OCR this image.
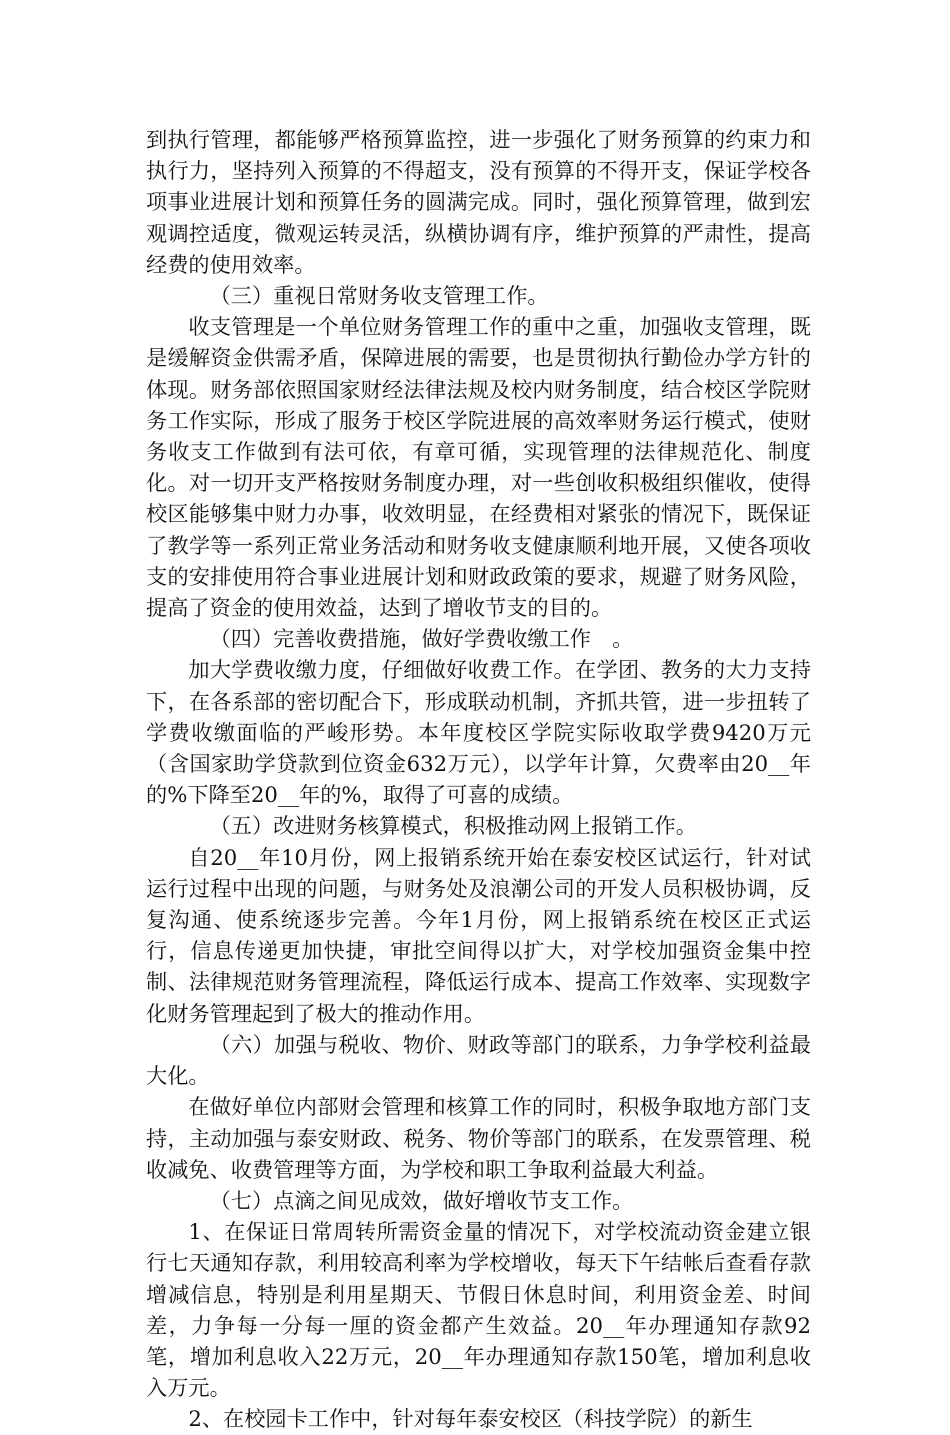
到执行管理，都能够严格预算监控，进一步强化了财务预算的约束力和执行力，坚持列入预算的不得超支，没有预算的不得开支，保证学校各项事业进展计划和预算任务的圆满完成。同时，强化预算管理，做到宏观调控适度，微观运转灵活，纵横协调有序，维护预算的严肃性，提高经费的使用效率。

（三）重视日常财务收支管理工作。

收支管理是一个单位财务管理工作的重中之重，加强收支管理，既是缓解资金供需矛盾，保障进展的需要，也是贯彻执行勤俭办学方针的体现。财务部依照国家财经法律法规及校内财务制度，结合校区学院财务工作实际，形成了服务于校区学院进展的高效率财务运行模式，使财务收支工作做到有法可依，有章可循，实现管理的法律规范化、制度化。对一切开支严格按财务制度办理，对一些创收积极组织催收，使得校区能够集中财力办事，收效明显，在经费相对紧张的情况下，既保证了教学等一系列正常业务活动和财务收支健康顺利地开展，又使各项收支的安排使用符合事业进展计划和财政政策的要求，规避了财务风险，提高了资金的使用效益，达到了增收节支的目的。

（四）完善收费措施，做好学费收缴工作　。

加大学费收缴力度，仔细做好收费工作。在学团、教务的大力支持下，在各系部的密切配合下，形成联动机制，齐抓共管，进一步扭转了学费收缴面临的严峻形势。本年度校区学院实际收取学费9420万元（含国家助学贷款到位资金632万元），以学年计算，欠费率由20__年的%下降至20__年的%，取得了可喜的成绩。

（五）改进财务核算模式，积极推动网上报销工作。

自20__年10月份，网上报销系统开始在泰安校区试运行，针对试运行过程中出现的问题，与财务处及浪潮公司的开发人员积极协调，反复沟通、使系统逐步完善。今年1月份，网上报销系统在校区正式运行，信息传递更加快捷，审批空间得以扩大，对学校加强资金集中控制、法律规范财务管理流程，降低运行成本、提高工作效率、实现数字化财务管理起到了极大的推动作用。

（六）加强与税收、物价、财政等部门的联系，力争学校利益最大化。

在做好单位内部财会管理和核算工作的同时，积极争取地方部门支持，主动加强与泰安财政、税务、物价等部门的联系，在发票管理、税收减免、收费管理等方面，为学校和职工争取利益最大利益。

（七）点滴之间见成效，做好增收节支工作。

1、在保证日常周转所需资金量的情况下，对学校流动资金建立银行七天通知存款，利用较高利率为学校增收，每天下午结帐后查看存款增减信息，特别是利用星期天、节假日休息时间，利用资金差、时间差，力争每一分每一厘的资金都产生效益。20__年办理通知存款92笔，增加利息收入22万元，20__年办理通知存款150笔，增加利息收入万元。

2、在校园卡工作中，针对每年泰安校区（科技学院）的新生
